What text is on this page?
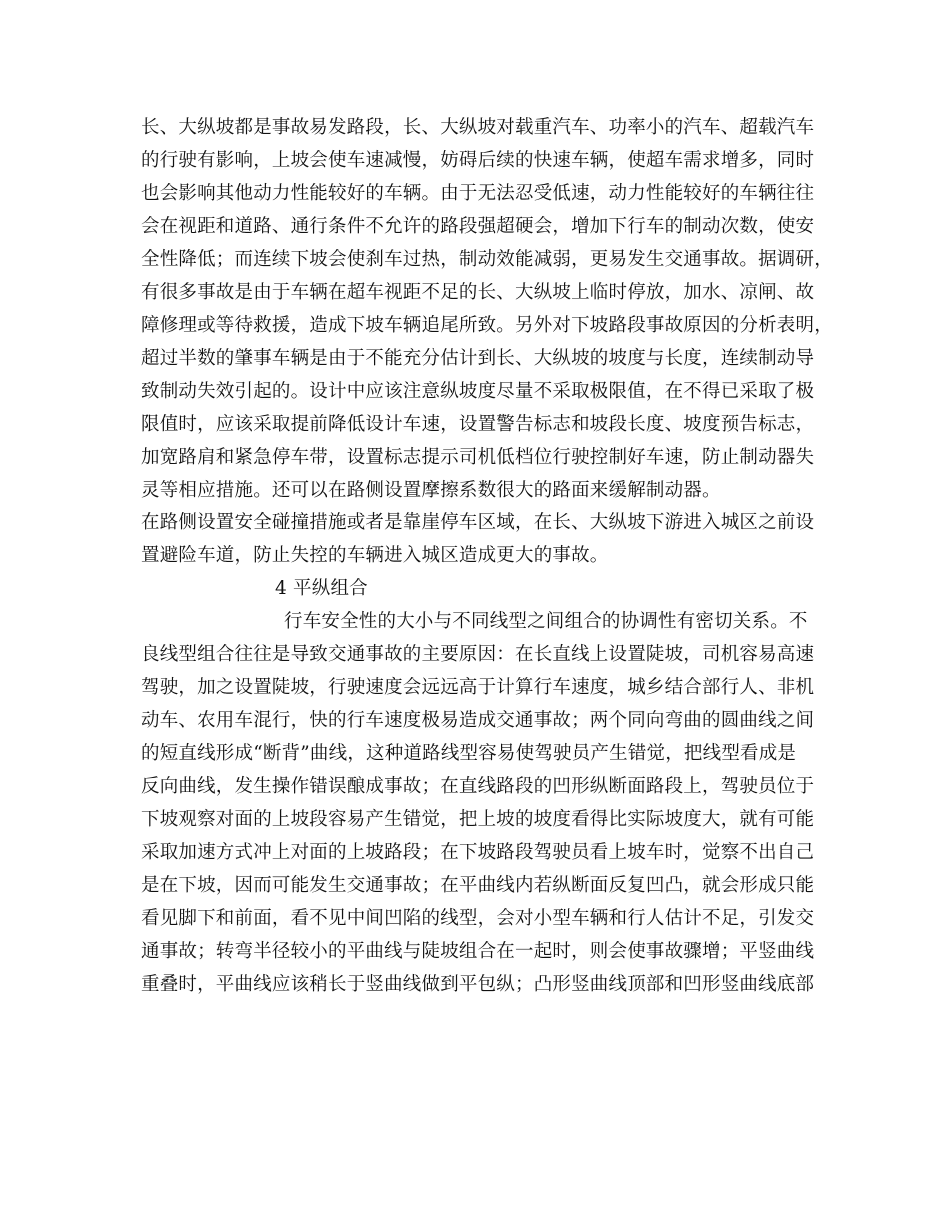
长、大纵坡都是事故易发路段，长、大纵坡对载重汽车、功率小的汽车、超载汽车
的行驶有影响，上坡会使车速减慢，妨碍后续的快速车辆，使超车需求增多，同时
也会影响其他动力性能较好的车辆。由于无法忍受低速，动力性能较好的车辆往往
会在视距和道路、通行条件不允许的路段强超硬会，增加下行车的制动次数，使安
全性降低；而连续下坡会使刹车过热，制动效能减弱，更易发生交通事故。据调研，
有很多事故是由于车辆在超车视距不足的长、大纵坡上临时停放，加水、凉闸、故
障修理或等待救援，造成下坡车辆追尾所致。另外对下坡路段事故原因的分析表明，
超过半数的肇事车辆是由于不能充分估计到长、大纵坡的坡度与长度，连续制动导
致制动失效引起的。设计中应该注意纵坡度尽量不采取极限值，在不得已采取了极
限值时，应该采取提前降低设计车速，设置警告标志和坡段长度、坡度预告标志，
加宽路肩和紧急停车带，设置标志提示司机低档位行驶控制好车速，防止制动器失
灵等相应措施。还可以在路侧设置摩擦系数很大的路面来缓解制动器。
在路侧设置安全碰撞措施或者是靠崖停车区域，在长、大纵坡下游进入城区之前设
置避险车道，防止失控的车辆进入城区造成更大的事故。
4 平纵组合
行车安全性的大小与不同线型之间组合的协调性有密切关系。不
良线型组合往往是导致交通事故的主要原因：在长直线上设置陡坡，司机容易高速
驾驶，加之设置陡坡，行驶速度会远远高于计算行车速度，城乡结合部行人、非机
动车、农用车混行，快的行车速度极易造成交通事故；两个同向弯曲的圆曲线之间
的短直线形成“断背”曲线，这种道路线型容易使驾驶员产生错觉，把线型看成是
反向曲线，发生操作错误酿成事故；在直线路段的凹形纵断面路段上，驾驶员位于
下坡观察对面的上坡段容易产生错觉，把上坡的坡度看得比实际坡度大，就有可能
采取加速方式冲上对面的上坡路段；在下坡路段驾驶员看上坡车时，觉察不出自己
是在下坡，因而可能发生交通事故；在平曲线内若纵断面反复凹凸，就会形成只能
看见脚下和前面，看不见中间凹陷的线型，会对小型车辆和行人估计不足，引发交
通事故；转弯半径较小的平曲线与陡坡组合在一起时，则会使事故骤增；平竖曲线
重叠时，平曲线应该稍长于竖曲线做到平包纵；凸形竖曲线顶部和凹形竖曲线底部
